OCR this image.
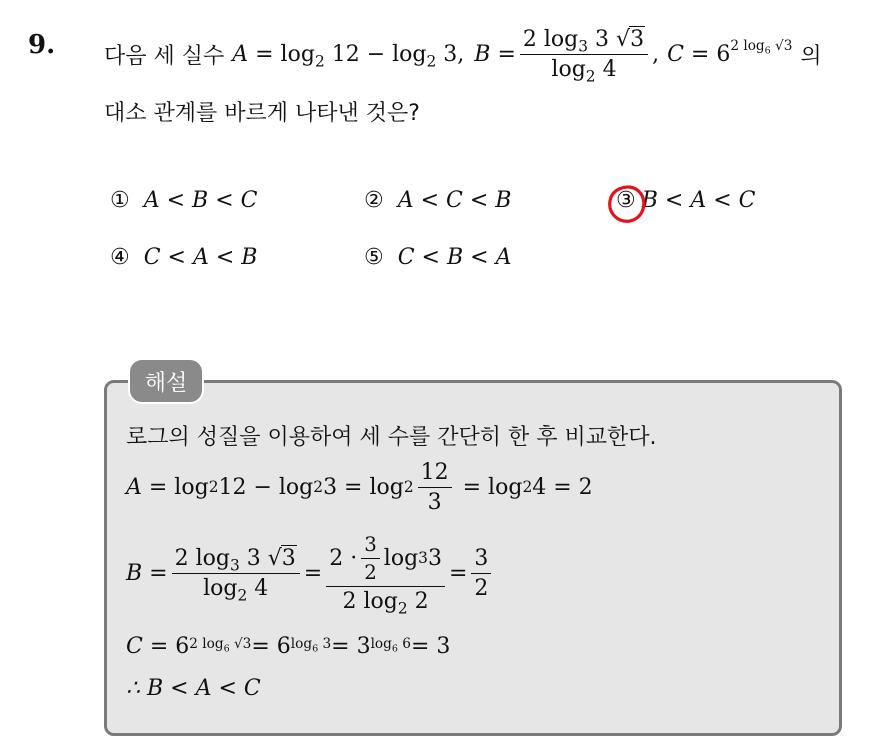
9. 다음 세 실수 $A = \log_2 12 - \log_2 3$, $B = \frac{2 \log_3 3 √3}{\log_2 4}$ , $C = 6^{2 log_6 √3}$ 의
대소 관계를 바르게 나타낸 것은?
① A < B < C	② A < C < B	③ B < A < C
④ C < A < B	⑤ C < B < A
해설
로그의 성질을 이용하여 세 수를 간단히 한 후 비교한다.
A = log 2 12 − log 2 $3 = \log 2 \frac{12}{3} = \log 2$ 4 = 2
$B = \frac{2 \log_3 3 √3}{\log_2 4} = \frac{2 \cdot \frac{3}{2} \log 3 3}{2 \log_2 2} = \frac{3}{2}$
C = 6 2 $\log_6 √3 = 6$ $\log_6 3 = 3$ $\log_6 6 = 3$
∴ B < A < C
